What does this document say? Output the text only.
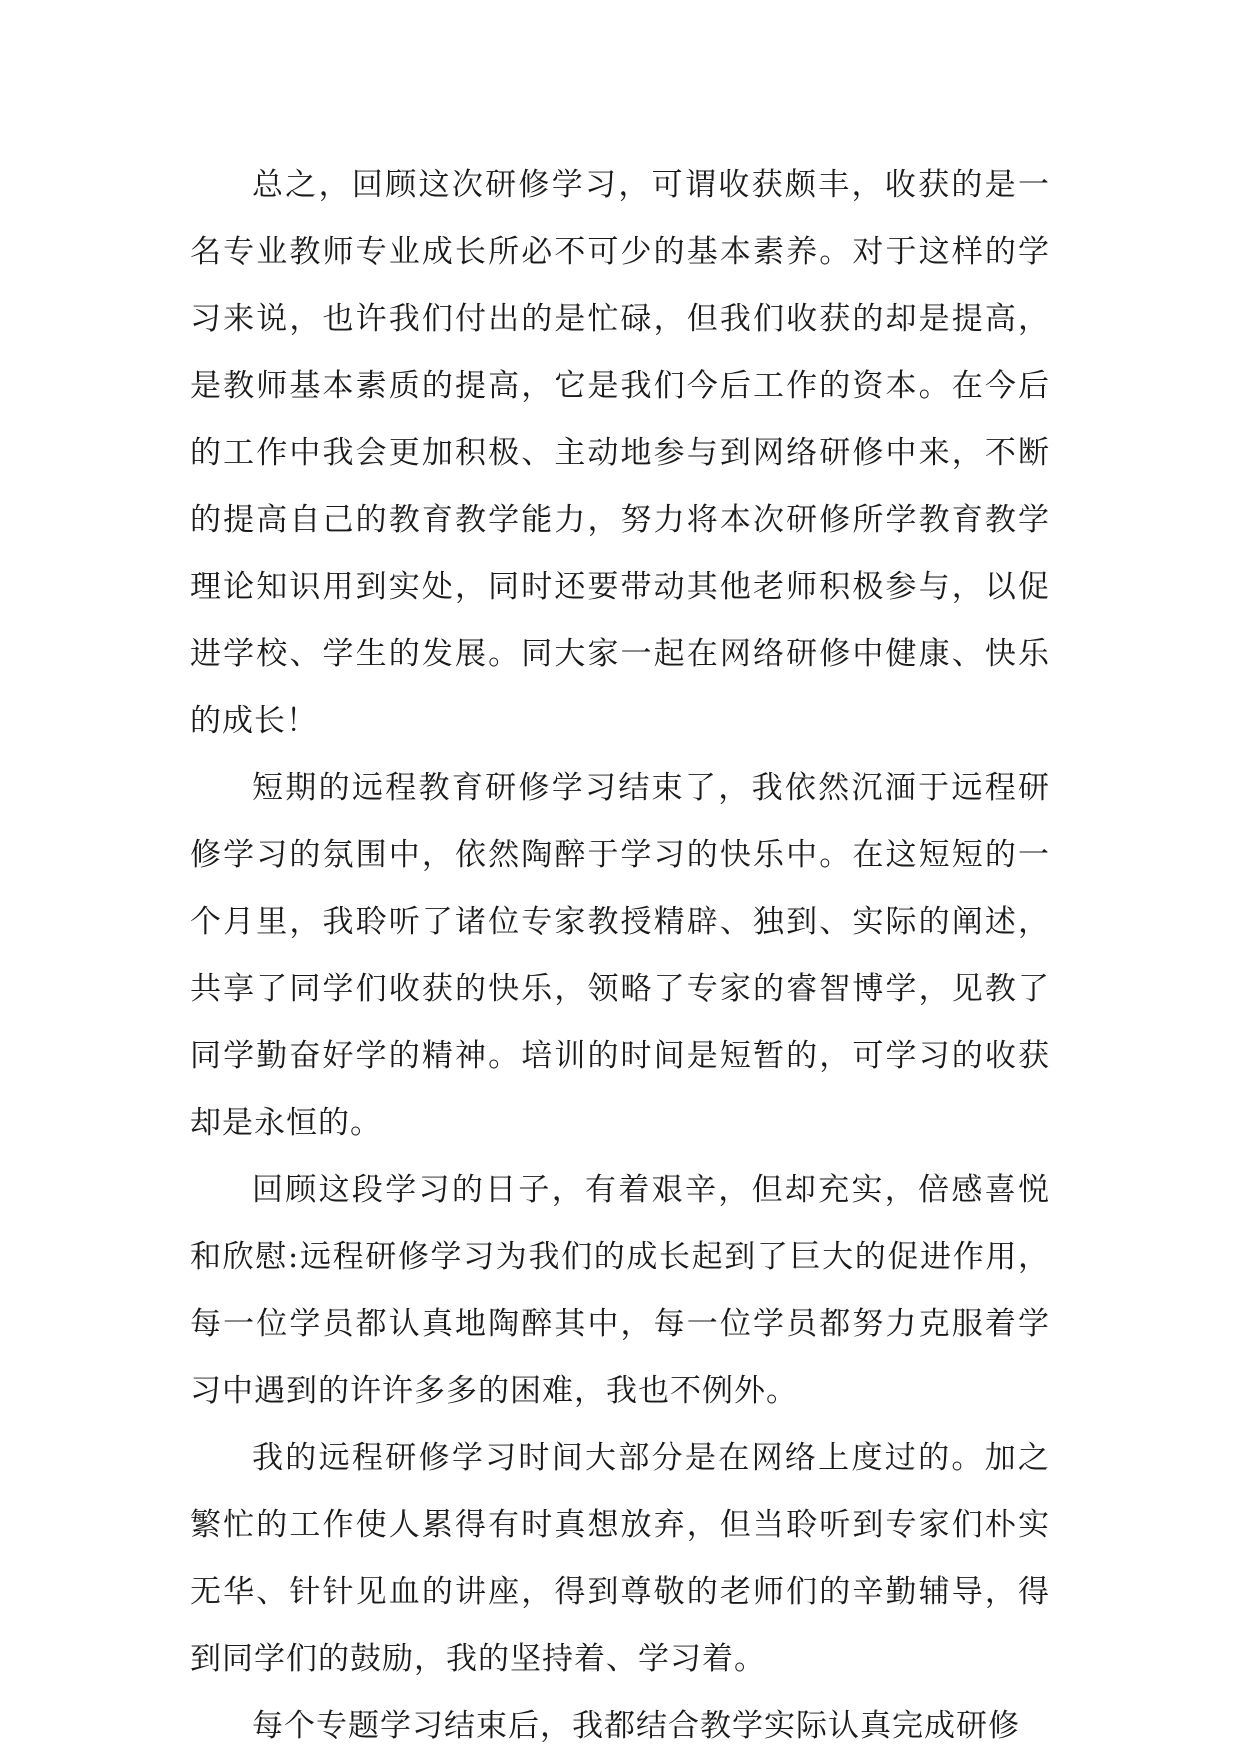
总之，回顾这次研修学习，可谓收获颇丰，收获的是一名专业教师专业成长所必不可少的基本素养。对于这样的学习来说，也许我们付出的是忙碌，但我们收获的却是提高，是教师基本素质的提高，它是我们今后工作的资本。在今后的工作中我会更加积极、主动地参与到网络研修中来，不断的提高自己的教育教学能力，努力将本次研修所学教育教学理论知识用到实处，同时还要带动其他老师积极参与，以促进学校、学生的发展。同大家一起在网络研修中健康、快乐的成长！

短期的远程教育研修学习结束了，我依然沉湎于远程研修学习的氛围中，依然陶醉于学习的快乐中。在这短短的一个月里，我聆听了诸位专家教授精辟、独到、实际的阐述，共享了同学们收获的快乐，领略了专家的睿智博学，见教了同学勤奋好学的精神。培训的时间是短暂的，可学习的收获却是永恒的。

回顾这段学习的日子，有着艰辛，但却充实，倍感喜悦和欣慰:远程研修学习为我们的成长起到了巨大的促进作用，每一位学员都认真地陶醉其中，每一位学员都努力克服着学习中遇到的许许多多的困难，我也不例外。

我的远程研修学习时间大部分是在网络上度过的。加之繁忙的工作使人累得有时真想放弃，但当聆听到专家们朴实无华、针针见血的讲座，得到尊敬的老师们的辛勤辅导，得到同学们的鼓励，我的坚持着、学习着。

每个专题学习结束后，我都结合教学实际认真完成研修
